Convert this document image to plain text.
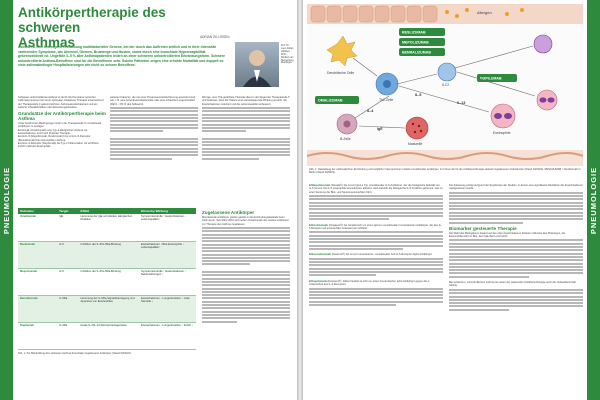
PNEUMOLOGIE
Antikörpertherapie des schweren
Asthmas	ADRIAN GILLISSEN
Prof. Dr. med. Adrian Gillissen, M.Sc., Klinikum am Steinenberg, Reutlingen

Asthma ist eine heterogene Erkrankung multifaktorieller Genese, bei der durch das Auftreten zeitlich und in ihrer Intensität variierender Symptome, wie Atemnot, Giemen, Brustenge und Husten, sowie durch eine bronchiale Hyperreagibilität gekennzeichnet ist. Ungefähr 3–5 % aller Asthmapatienten leiden an einer schweren unkontrollierten Erkrankungsform. Schwere unkontrollierte Asthma-Betroffene sind für die Betroffenen sehr. Solche Patienten zeigen eine erhöhte Mortalität und doppelt so viele asthmabedingte Hospitalisierungen wie nicht so schwer Betroffene.

Schweres unkontrolliertes Asthma ist durch die Persistenz typischer Asthmasymptome trotz einer optimalen inhalativen Therapie entsprechend der Therapiestufe 4 gekennzeichnet. Asthma-Exazerbationen und ein weiterer Charakteristikum der Erkrankungssituation.

Grundsätze der Antikörpertherapie beim Asthma

Unter bestimmten Bedingungen sind in der Therapiestufe 5 monoklonale Antikörper zu erwägen:

■ Anti-IgE (Omalizumab) vom Typ-2 allergischen Asthma mit Exazerbationen trotz hoch dosierter Therapie.

■ Anti-IL-5 (Mepolizumab, Reslizumab) bzw. Anti-IL-5-Rezeptor (Benralizumab) bei eosinophilem Asthma.

■ Anti-IL-4-Rezeptor (Dupilumab) bei Typ-2 Inflammation mit erhöhtem FeNO und/oder Eosinophilie.

weiteren Faktoren, die mit einer Prognoseverschlechterung assoziiert sind, wie z. B. eine hohe Exazerbationsrate oder eine schlechte Lungenfunktion (FEV1 < 80 % des Sollwerts).

Wenige, eine Th2-gerichtete Therapie dient in der Regel der Therapiestufe 5 und bedeutet, dass der Patient eine steroidsparende Wirkung erreicht, die Exazerbationen reduziert und die Lebensqualität verbessert.

Substanz	Target	Effekt	Klinische Wirkung
Omalizumab	IgE	Hemmung der IgE-vermittelten allergischen Reaktion	Symptomkontrolle ↑ Exazerbationen ↓ Lebensqualität ↑
Reslizumab	IL-5	Inhibition der IL-5/IL-5Ra-Bindung	Exazerbationen ↓ Blut-Eosinophile ↓ Lebensqualität ↑
Mepolizumab	IL-5	Inhibition der IL-5/IL-5Ra-Bindung	Symptomkontrolle ↑ Exazerbationen ↓ Nebenwirkungen ↓
Benralizumab	IL-5Ra	Hemmung der IL-5Ra-Signalübertragung und Apoptose von Eosinophilen	Exazerbationen ↓ Lungenfunktion ↑ orale Steroide ↓
Dupilumab	IL-4Ra	Duale IL-4/IL-13-Rezeptorantagonisten	Exazerbationen ↓ Lungenfunktion ↑ FeNO ↓

Tab. 1: Zur Behandlung des schweren Asthma bronchiale zugelassene Antikörper (Stand 03/2022).

Zugelassene Antikörper

Monoklonale Antikörper greifen gezielt in die Entzündungskaskade beim Asthma ein. Seit März 2016 sind neben Omalizumab vier weitere Antikörper zur Therapie des Asthma zugelassen.	PNEUMOLOGIE
Allergen
RESLIZUMAB
MEPOLIZUMAB
BENRALIZUMAB
OMALIZUMAB
DUPILUMAB
Dendritische Zelle
Th2-Zelle
ILC2
B-Zelle
Mastzelle
Eosinophile
IL-5
IL-4
IL-13
IgE

Abb. 1: Darstellung der asthmatischen Entzündung und möglicher Interventionen mittels monoklonaler Antikörper. Im Fokus die für die Antikörpertherapie aktuell zugelassenen Substanzen (Stand 03/2022). RESLIZUMAB = Reslizumab in Berlin (Stand 03/2022).

■ Mepolizumab (Nucala®): Es ist ein IgG1-κ Typ monoklonaler IL-5-Antikörper, der die biologische Aktivität von IL-5 hemmt. Da IL-5 eosinophile Granulozyten aktiviert, wird dadurch die biologische IL-5 Funktion gehemmt, was zu einer Senkung der Blut- und Sputumeosinophilen führt.

■ Reslizumab (Cinqaero®): Es handelt sich um einen IgG4-κ monoklonalen humanisierten Antikörper, der den IL-5 Rezeptor auf eosinophilen Granulozyten inhibiert.

■ Benralizumab (Fasenra®): Es ist ein humanisierter, monoklonaler Anti-IL-5-Rezeptor-Alpha Antikörper.

■ Dupilumab (Dupixent®): Dabei handelt es sich um einen humanisierten IgG4 Antikörper gegen die α-Untereinheit des IL-4 Rezeptors.

Die Zulassung erfolgt aufgrund der Ergebnisse der Studien, in denen eine signifikante Reduktion der Exazerbationen nachgewiesen wurde.

Biomarker gesteuerte Therapie

Die Wahl des Biologikums basiert auf den oben beschriebenen Kriterien inklusive des Phänotyps, der Eosinophilenzahl im Blut, dem IgE-Wert und FeNO.

Bei schwerem, unkontrolliertem Asthma ist neben der passenden Antikörpertherapie auch die Verlaufskontrolle wichtig.
